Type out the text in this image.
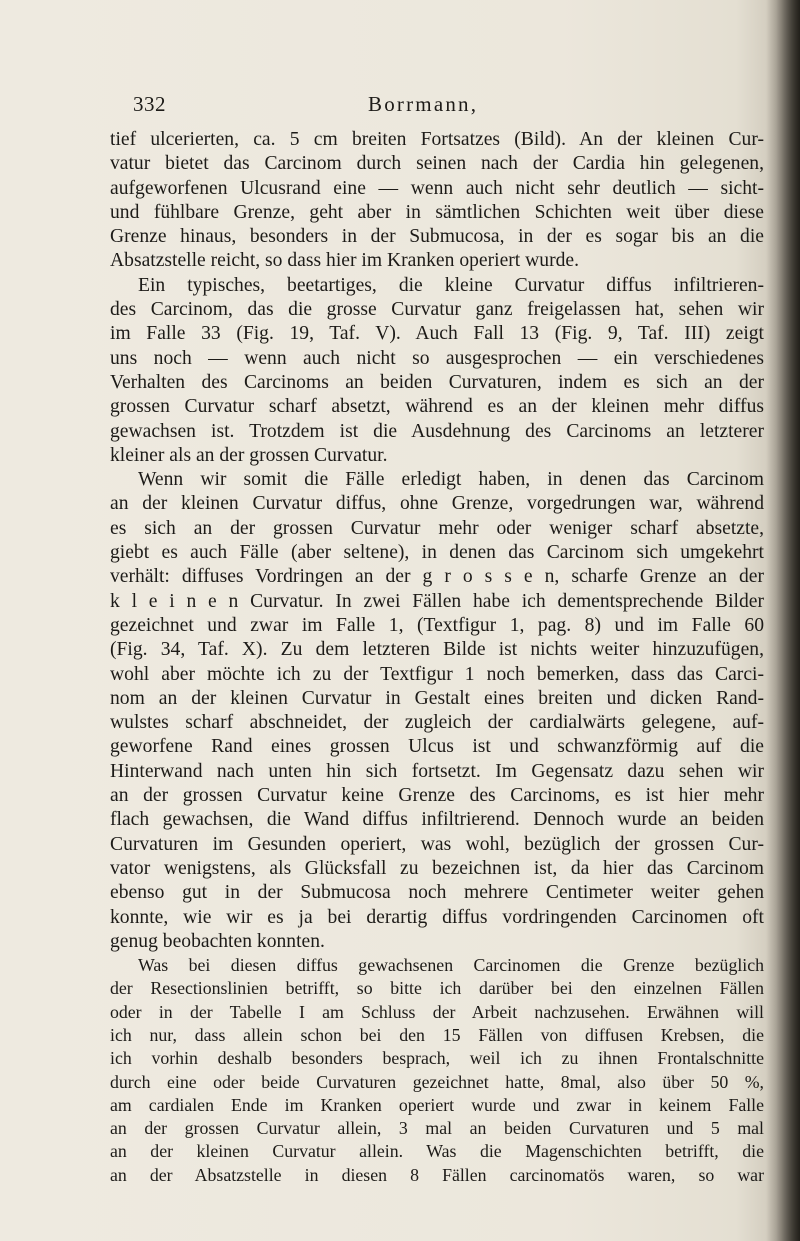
332	Borrmann,
tief ulcerierten, ca. 5 cm breiten Fortsatzes (Bild). An der kleinen Cur-
vatur bietet das Carcinom durch seinen nach der Cardia hin gelegenen,
aufgeworfenen Ulcusrand eine — wenn auch nicht sehr deutlich — sicht-
und fühlbare Grenze, geht aber in sämtlichen Schichten weit über diese
Grenze hinaus, besonders in der Submucosa, in der es sogar bis an die
Absatzstelle reicht, so dass hier im Kranken operiert wurde.
Ein typisches, beetartiges, die kleine Curvatur diffus infiltrieren-
des Carcinom, das die grosse Curvatur ganz freigelassen hat, sehen wir
im Falle 33 (Fig. 19, Taf. V). Auch Fall 13 (Fig. 9, Taf. III) zeigt
uns noch — wenn auch nicht so ausgesprochen — ein verschiedenes
Verhalten des Carcinoms an beiden Curvaturen, indem es sich an der
grossen Curvatur scharf absetzt, während es an der kleinen mehr diffus
gewachsen ist. Trotzdem ist die Ausdehnung des Carcinoms an letzterer
kleiner als an der grossen Curvatur.
Wenn wir somit die Fälle erledigt haben, in denen das Carcinom
an der kleinen Curvatur diffus, ohne Grenze, vorgedrungen war, während
es sich an der grossen Curvatur mehr oder weniger scharf absetzte,
giebt es auch Fälle (aber seltene), in denen das Carcinom sich umgekehrt
verhält: diffuses Vordringen an der g r o s s e n, scharfe Grenze an der
k l e i n e n Curvatur. In zwei Fällen habe ich dementsprechende Bilder
gezeichnet und zwar im Falle 1, (Textfigur 1, pag. 8) und im Falle 60
(Fig. 34, Taf. X). Zu dem letzteren Bilde ist nichts weiter hinzuzufügen,
wohl aber möchte ich zu der Textfigur 1 noch bemerken, dass das Carci-
nom an der kleinen Curvatur in Gestalt eines breiten und dicken Rand-
wulstes scharf abschneidet, der zugleich der cardialwärts gelegene, auf-
geworfene Rand eines grossen Ulcus ist und schwanzförmig auf die
Hinterwand nach unten hin sich fortsetzt. Im Gegensatz dazu sehen wir
an der grossen Curvatur keine Grenze des Carcinoms, es ist hier mehr
flach gewachsen, die Wand diffus infiltrierend. Dennoch wurde an beiden
Curvaturen im Gesunden operiert, was wohl, bezüglich der grossen Cur-
vator wenigstens, als Glücksfall zu bezeichnen ist, da hier das Carcinom
ebenso gut in der Submucosa noch mehrere Centimeter weiter gehen
konnte, wie wir es ja bei derartig diffus vordringenden Carcinomen oft
genug beobachten konnten.
Was bei diesen diffus gewachsenen Carcinomen die Grenze bezüglich
der Resectionslinien betrifft, so bitte ich darüber bei den einzelnen Fällen
oder in der Tabelle I am Schluss der Arbeit nachzusehen. Erwähnen will
ich nur, dass allein schon bei den 15 Fällen von diffusen Krebsen, die
ich vorhin deshalb besonders besprach, weil ich zu ihnen Frontalschnitte
durch eine oder beide Curvaturen gezeichnet hatte, 8mal, also über 50 %,
am cardialen Ende im Kranken operiert wurde und zwar in keinem Falle
an der grossen Curvatur allein, 3 mal an beiden Curvaturen und 5 mal
an der kleinen Curvatur allein. Was die Magenschichten betrifft, die
an der Absatzstelle in diesen 8 Fällen carcinomatös waren, so war
